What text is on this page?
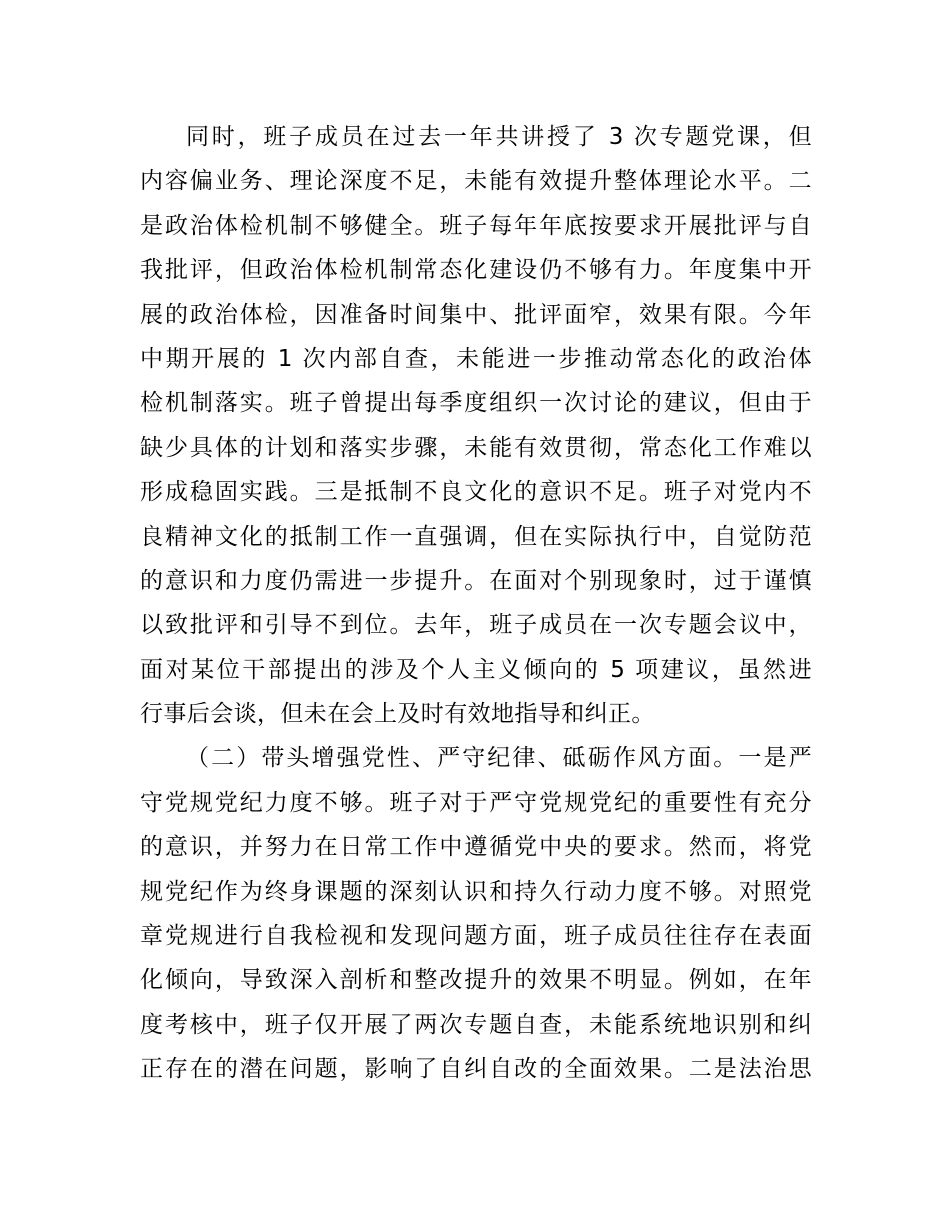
同时，班子成员在过去一年共讲授了 3 次专题党课，但
内容偏业务、理论深度不足，未能有效提升整体理论水平。二
是政治体检机制不够健全。班子每年年底按要求开展批评与自
我批评，但政治体检机制常态化建设仍不够有力。年度集中开
展的政治体检，因准备时间集中、批评面窄，效果有限。今年
中期开展的 1 次内部自查，未能进一步推动常态化的政治体
检机制落实。班子曾提出每季度组织一次讨论的建议，但由于
缺少具体的计划和落实步骤，未能有效贯彻，常态化工作难以
形成稳固实践。三是抵制不良文化的意识不足。班子对党内不
良精神文化的抵制工作一直强调，但在实际执行中，自觉防范
的意识和力度仍需进一步提升。在面对个别现象时，过于谨慎
以致批评和引导不到位。去年，班子成员在一次专题会议中，
面对某位干部提出的涉及个人主义倾向的 5 项建议，虽然进
行事后会谈，但未在会上及时有效地指导和纠正。
（二）带头增强党性、严守纪律、砥砺作风方面。一是严
守党规党纪力度不够。班子对于严守党规党纪的重要性有充分
的意识，并努力在日常工作中遵循党中央的要求。然而，将党
规党纪作为终身课题的深刻认识和持久行动力度不够。对照党
章党规进行自我检视和发现问题方面，班子成员往往存在表面
化倾向，导致深入剖析和整改提升的效果不明显。例如，在年
度考核中，班子仅开展了两次专题自查，未能系统地识别和纠
正存在的潜在问题，影响了自纠自改的全面效果。二是法治思
